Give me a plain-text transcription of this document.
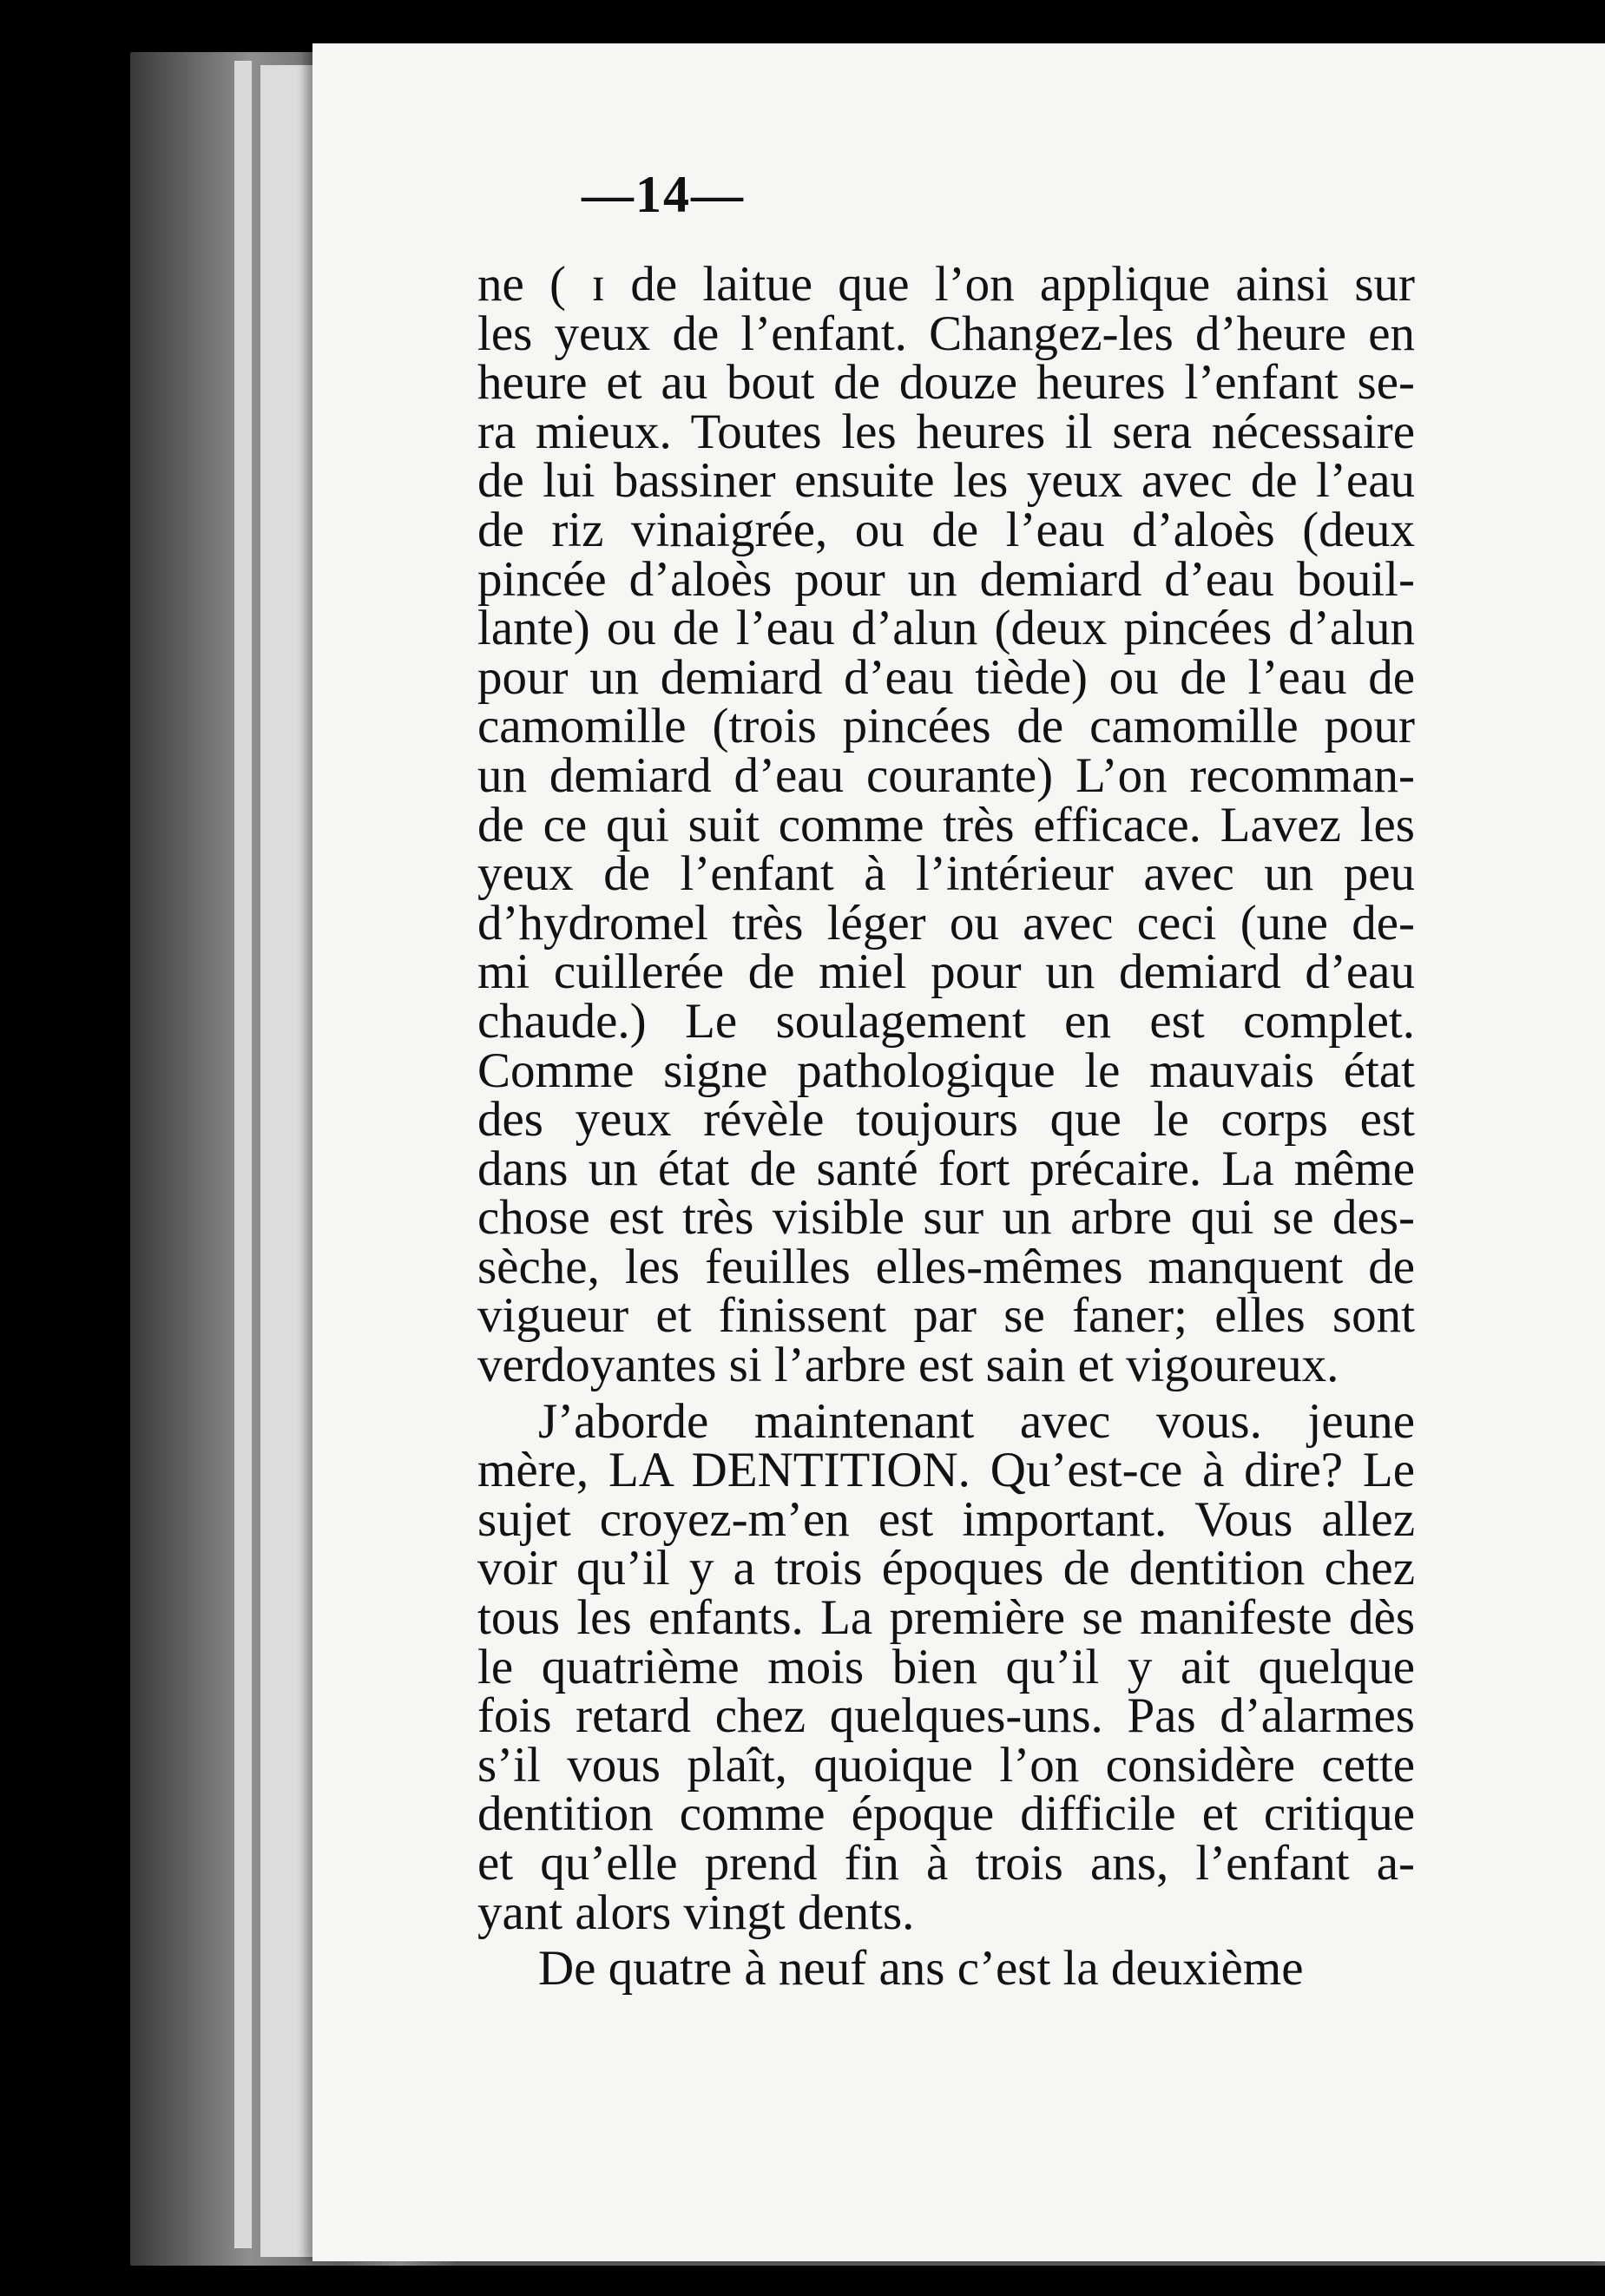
—14—
ne ( ɪ de laitue que l’on applique ainsi sur
les yeux de l’enfant. Changez-les d’heure en
heure et au bout de douze heures l’enfant se-
ra mieux. Toutes les heures il sera nécessaire
de lui bassiner ensuite les yeux avec de l’eau
de riz vinaigrée, ou de l’eau d’aloès (deux
pincée d’aloès pour un demiard d’eau bouil-
lante) ou de l’eau d’alun (deux pincées d’alun
pour un demiard d’eau tiède) ou de l’eau de
camomille (trois pincées de camomille pour
un demiard d’eau courante) L’on recomman-
de ce qui suit comme très efficace. Lavez les
yeux de l’enfant à l’intérieur avec un peu
d’hydromel très léger ou avec ceci (une de-
mi cuillerée de miel pour un demiard d’eau
chaude.) Le soulagement en est complet.
Comme signe pathologique le mauvais état
des yeux révèle toujours que le corps est
dans un état de santé fort précaire. La même
chose est très visible sur un arbre qui se des-
sèche, les feuilles elles-mêmes manquent de
vigueur et finissent par se faner; elles sont
verdoyantes si l’arbre est sain et vigoureux.
J’aborde maintenant avec vous. jeune
mère, LA DENTITION. Qu’est-ce à dire? Le
sujet croyez-m’en est important. Vous allez
voir qu’il y a trois époques de dentition chez
tous les enfants. La première se manifeste dès
le quatrième mois bien qu’il y ait quelque
fois retard chez quelques-uns. Pas d’alarmes
s’il vous plaît, quoique l’on considère cette
dentition comme époque difficile et critique
et qu’elle prend fin à trois ans, l’enfant a-
yant alors vingt dents.
De quatre à neuf ans c’est la deuxième
